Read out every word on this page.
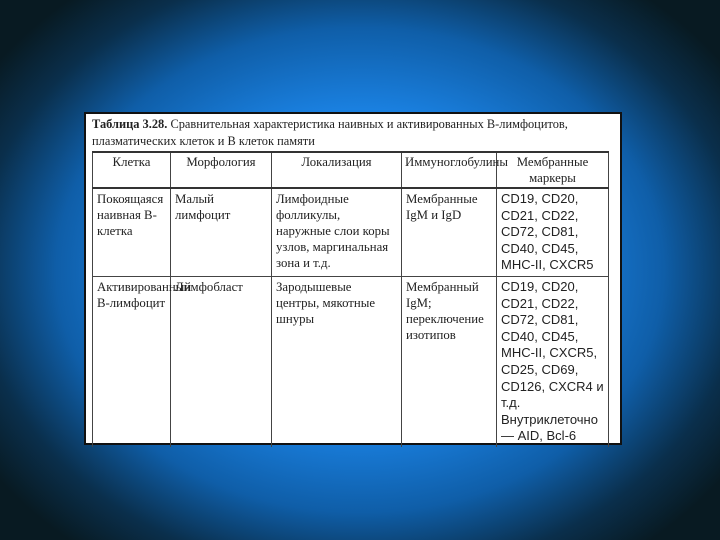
Таблица 3.28. Сравнительная характеристика наивных и активированных В-лимфоцитов, плазматических клеток и В клеток памяти
Клетка	Морфология	Локализация	Иммуноглобулины	Мембранные маркеры
Покоящаяся наивная В-клетка	Малый лимфоцит	Лимфоидные фолликулы, наружные слои коры узлов, маргинальная зона и т.д.	Мембранные IgM и IgD	CD19, CD20, CD21, CD22, CD72, CD81, CD40, CD45, MHC-II, CXCR5
Активированный В-лимфоцит	Лимфобласт	Зародышевые центры, мякотные шнуры	Мембранный IgM; переключение изотипов	CD19, CD20, CD21, CD22, CD72, CD81, CD40, CD45, MHC-II, CXCR5, CD25, CD69, CD126, CXCR4 и т.д. Внутриклеточно — AID, Bcl-6
